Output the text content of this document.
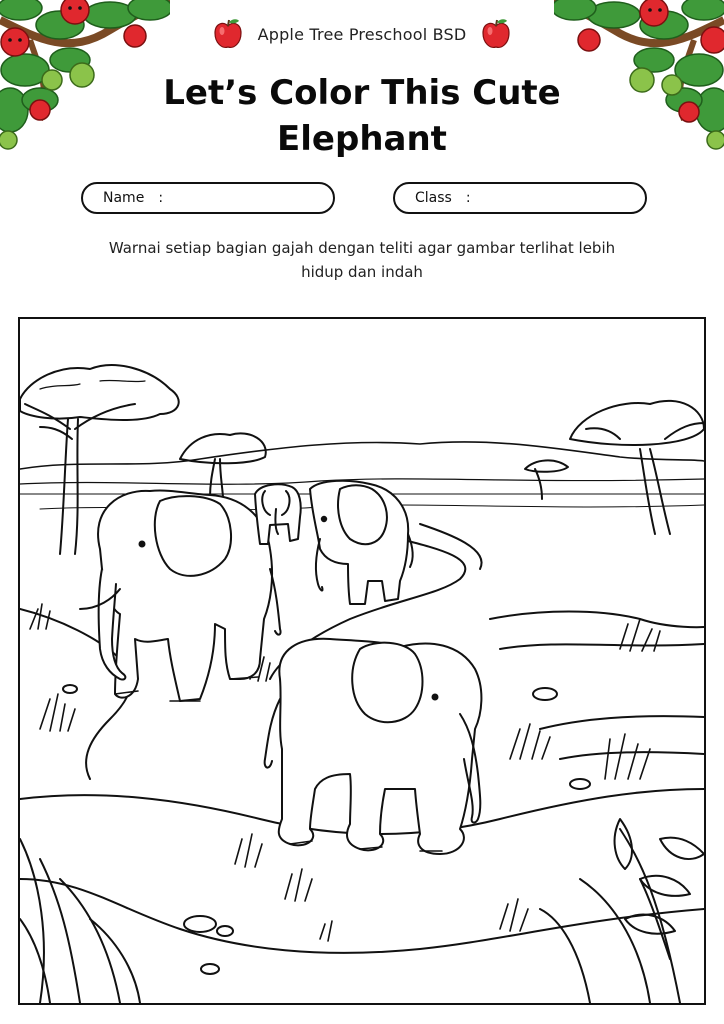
Apple Tree Preschool BSD
Let’s Color This Cute
Elephant
Name :	Class :
Warnai setiap bagian gajah dengan teliti agar gambar terlihat lebih
hidup dan indah
